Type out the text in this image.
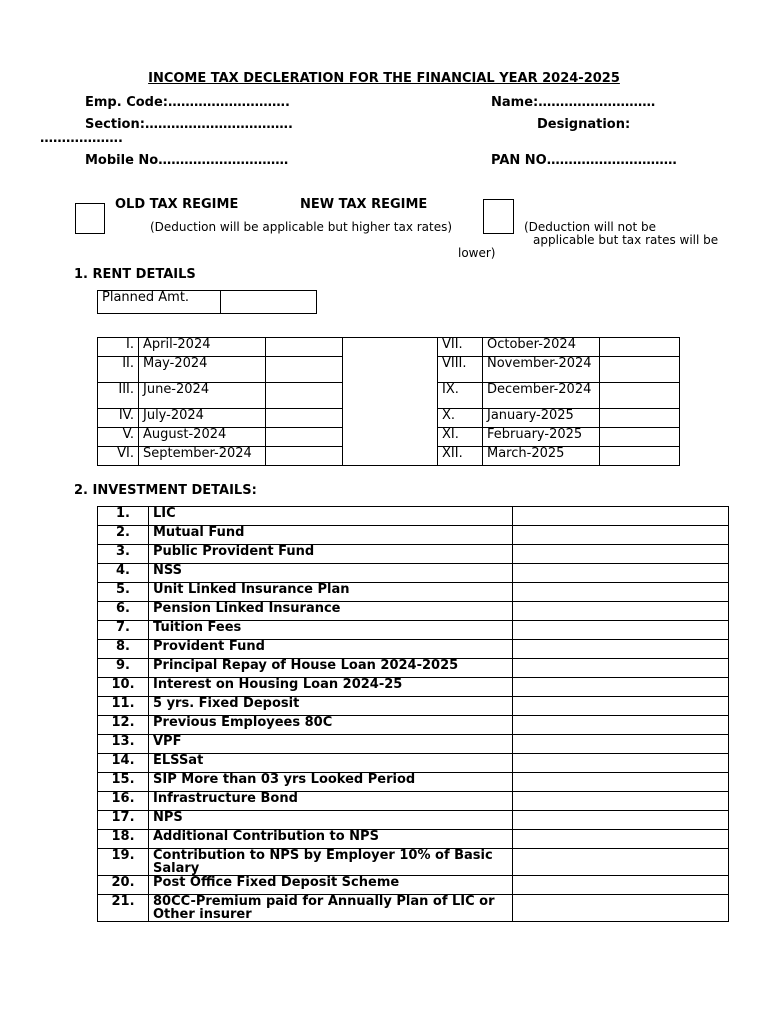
INCOME TAX DECLERATION FOR THE FINANCIAL YEAR 2024-2025
Emp. Code:……………………….	Name:………………………
Section:…………………………….	Designation:
……………….
Mobile No…………………………	PAN NO…………………………
OLD TAX REGIME	NEW TAX REGIME
(Deduction will be applicable but higher tax rates)	(Deduction will not be
applicable but tax rates will be
lower)
1. RENT DETAILS
Planned Amt.	
I.	April-2024			VII.	October-2024	
II.	May-2024			VIII.	November-2024	
III.	June-2024			IX.	December-2024	
IV.	July-2024			X.	January-2025	
V.	August-2024			XI.	February-2025	
VI.	September-2024			XII.	March-2025	
2. INVESTMENT DETAILS:
1.	LIC	
2.	Mutual Fund	
3.	Public Provident Fund	
4.	NSS	
5.	Unit Linked Insurance Plan	
6.	Pension Linked Insurance	
7.	Tuition Fees	
8.	Provident Fund	
9.	Principal Repay of House Loan 2024-2025	
10.	Interest on Housing Loan 2024-25	
11.	5 yrs. Fixed Deposit	
12.	Previous Employees 80C	
13.	VPF	
14.	ELSSat	
15.	SIP More than 03 yrs Looked Period	
16.	Infrastructure Bond	
17.	NPS	
18.	Additional Contribution to NPS	
19.	Contribution to NPS by Employer 10% of Basic Salary	
20.	Post Office Fixed Deposit Scheme	
21.	80CC-Premium paid for Annually Plan of LIC or Other insurer	
